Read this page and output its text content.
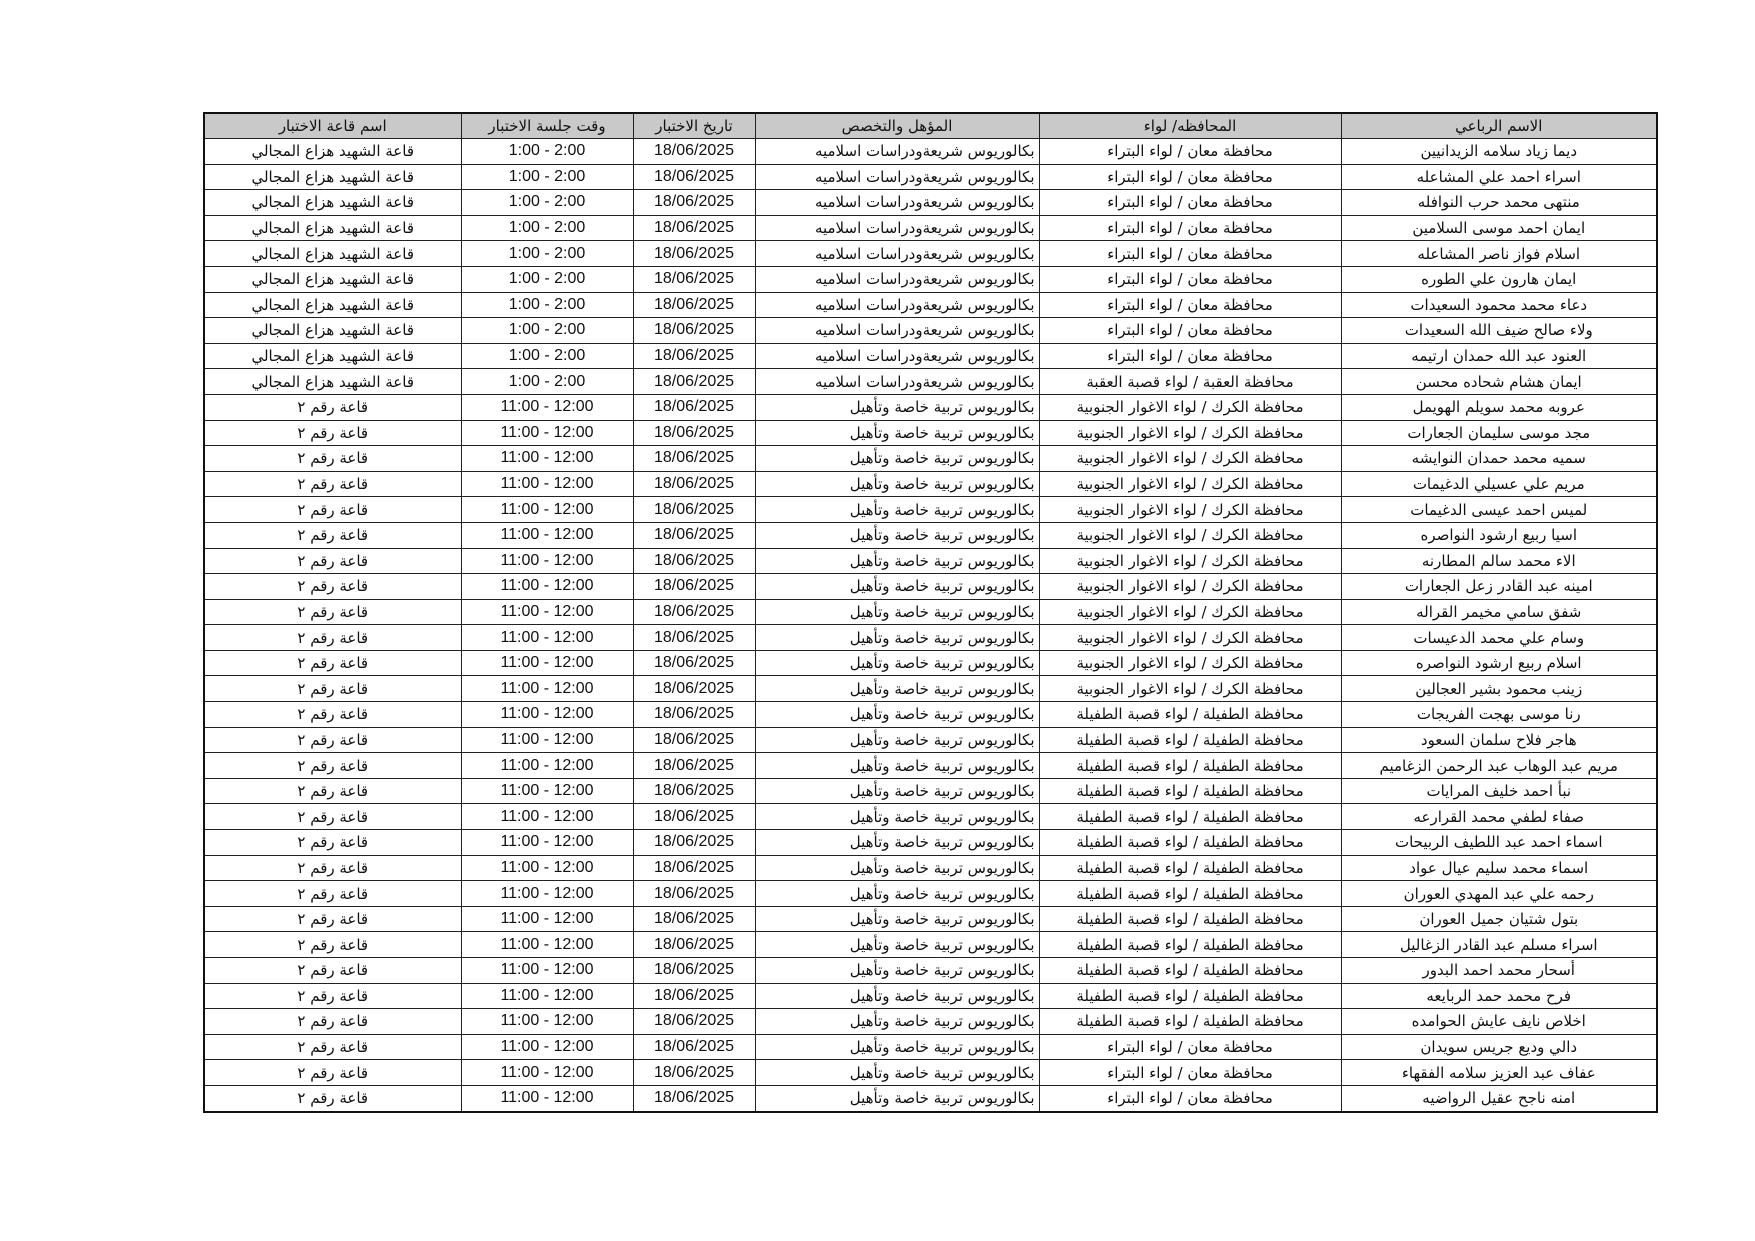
الاسم الرباعي	المحافظه/ لواء	المؤهل والتخصص	تاريخ الاختبار	وقت جلسة الاختبار	اسم قاعة الاختبار
ديما زياد سلامه الزيدانيين	محافظة معان / لواء البتراء	بكالوريوس شريعةودراسات اسلاميه	18/06/2025	1:00 - 2:00	قاعة الشهيد هزاع المجالي
اسراء احمد علي المشاعله	محافظة معان / لواء البتراء	بكالوريوس شريعةودراسات اسلاميه	18/06/2025	1:00 - 2:00	قاعة الشهيد هزاع المجالي
منتهى محمد حرب النوافله	محافظة معان / لواء البتراء	بكالوريوس شريعةودراسات اسلاميه	18/06/2025	1:00 - 2:00	قاعة الشهيد هزاع المجالي
ايمان احمد موسى السلامين	محافظة معان / لواء البتراء	بكالوريوس شريعةودراسات اسلاميه	18/06/2025	1:00 - 2:00	قاعة الشهيد هزاع المجالي
اسلام فواز ناصر المشاعله	محافظة معان / لواء البتراء	بكالوريوس شريعةودراسات اسلاميه	18/06/2025	1:00 - 2:00	قاعة الشهيد هزاع المجالي
ايمان هارون علي الطوره	محافظة معان / لواء البتراء	بكالوريوس شريعةودراسات اسلاميه	18/06/2025	1:00 - 2:00	قاعة الشهيد هزاع المجالي
دعاء محمد محمود السعيدات	محافظة معان / لواء البتراء	بكالوريوس شريعةودراسات اسلاميه	18/06/2025	1:00 - 2:00	قاعة الشهيد هزاع المجالي
ولاء صالح ضيف الله السعيدات	محافظة معان / لواء البتراء	بكالوريوس شريعةودراسات اسلاميه	18/06/2025	1:00 - 2:00	قاعة الشهيد هزاع المجالي
العنود عبد الله حمدان ارتيمه	محافظة معان / لواء البتراء	بكالوريوس شريعةودراسات اسلاميه	18/06/2025	1:00 - 2:00	قاعة الشهيد هزاع المجالي
ايمان هشام شحاده محسن	محافظة العقبة / لواء قصبة العقبة	بكالوريوس شريعةودراسات اسلاميه	18/06/2025	1:00 - 2:00	قاعة الشهيد هزاع المجالي
عروبه محمد سويلم الهويمل	محافظة الكرك / لواء الاغوار الجنوبية	بكالوريوس تربية خاصة وتأهيل	18/06/2025	11:00 - 12:00	قاعة رقم ٢
مجد موسى سليمان الجعارات	محافظة الكرك / لواء الاغوار الجنوبية	بكالوريوس تربية خاصة وتأهيل	18/06/2025	11:00 - 12:00	قاعة رقم ٢
سميه محمد حمدان النوايشه	محافظة الكرك / لواء الاغوار الجنوبية	بكالوريوس تربية خاصة وتأهيل	18/06/2025	11:00 - 12:00	قاعة رقم ٢
مريم علي عسيلي الدغيمات	محافظة الكرك / لواء الاغوار الجنوبية	بكالوريوس تربية خاصة وتأهيل	18/06/2025	11:00 - 12:00	قاعة رقم ٢
لميس احمد عيسى الدغيمات	محافظة الكرك / لواء الاغوار الجنوبية	بكالوريوس تربية خاصة وتأهيل	18/06/2025	11:00 - 12:00	قاعة رقم ٢
اسيا ربيع ارشود النواصره	محافظة الكرك / لواء الاغوار الجنوبية	بكالوريوس تربية خاصة وتأهيل	18/06/2025	11:00 - 12:00	قاعة رقم ٢
الاء محمد سالم المطارنه	محافظة الكرك / لواء الاغوار الجنوبية	بكالوريوس تربية خاصة وتأهيل	18/06/2025	11:00 - 12:00	قاعة رقم ٢
امينه عبد القادر زعل الجعارات	محافظة الكرك / لواء الاغوار الجنوبية	بكالوريوس تربية خاصة وتأهيل	18/06/2025	11:00 - 12:00	قاعة رقم ٢
شفق سامي مخيمر القراله	محافظة الكرك / لواء الاغوار الجنوبية	بكالوريوس تربية خاصة وتأهيل	18/06/2025	11:00 - 12:00	قاعة رقم ٢
وسام علي محمد الدعيسات	محافظة الكرك / لواء الاغوار الجنوبية	بكالوريوس تربية خاصة وتأهيل	18/06/2025	11:00 - 12:00	قاعة رقم ٢
اسلام ربيع ارشود النواصره	محافظة الكرك / لواء الاغوار الجنوبية	بكالوريوس تربية خاصة وتأهيل	18/06/2025	11:00 - 12:00	قاعة رقم ٢
زينب محمود بشير العجالين	محافظة الكرك / لواء الاغوار الجنوبية	بكالوريوس تربية خاصة وتأهيل	18/06/2025	11:00 - 12:00	قاعة رقم ٢
رنا موسى بهجت الفريجات	محافظة الطفيلة / لواء قصبة الطفيلة	بكالوريوس تربية خاصة وتأهيل	18/06/2025	11:00 - 12:00	قاعة رقم ٢
هاجر فلاح سلمان السعود	محافظة الطفيلة / لواء قصبة الطفيلة	بكالوريوس تربية خاصة وتأهيل	18/06/2025	11:00 - 12:00	قاعة رقم ٢
مريم عبد الوهاب عبد الرحمن الزغاميم	محافظة الطفيلة / لواء قصبة الطفيلة	بكالوريوس تربية خاصة وتأهيل	18/06/2025	11:00 - 12:00	قاعة رقم ٢
نبأ احمد خليف المرايات	محافظة الطفيلة / لواء قصبة الطفيلة	بكالوريوس تربية خاصة وتأهيل	18/06/2025	11:00 - 12:00	قاعة رقم ٢
صفاء لطفي محمد القرارعه	محافظة الطفيلة / لواء قصبة الطفيلة	بكالوريوس تربية خاصة وتأهيل	18/06/2025	11:00 - 12:00	قاعة رقم ٢
اسماء احمد عبد اللطيف الربيحات	محافظة الطفيلة / لواء قصبة الطفيلة	بكالوريوس تربية خاصة وتأهيل	18/06/2025	11:00 - 12:00	قاعة رقم ٢
اسماء محمد سليم عيال عواد	محافظة الطفيلة / لواء قصبة الطفيلة	بكالوريوس تربية خاصة وتأهيل	18/06/2025	11:00 - 12:00	قاعة رقم ٢
رحمه علي عبد المهدي العوران	محافظة الطفيلة / لواء قصبة الطفيلة	بكالوريوس تربية خاصة وتأهيل	18/06/2025	11:00 - 12:00	قاعة رقم ٢
بتول شتيان جميل العوران	محافظة الطفيلة / لواء قصبة الطفيلة	بكالوريوس تربية خاصة وتأهيل	18/06/2025	11:00 - 12:00	قاعة رقم ٢
اسراء مسلم عبد القادر الزغاليل	محافظة الطفيلة / لواء قصبة الطفيلة	بكالوريوس تربية خاصة وتأهيل	18/06/2025	11:00 - 12:00	قاعة رقم ٢
أسحار محمد احمد البدور	محافظة الطفيلة / لواء قصبة الطفيلة	بكالوريوس تربية خاصة وتأهيل	18/06/2025	11:00 - 12:00	قاعة رقم ٢
فرح محمد حمد الربايعه	محافظة الطفيلة / لواء قصبة الطفيلة	بكالوريوس تربية خاصة وتأهيل	18/06/2025	11:00 - 12:00	قاعة رقم ٢
اخلاص نايف عايش الحوامده	محافظة الطفيلة / لواء قصبة الطفيلة	بكالوريوس تربية خاصة وتأهيل	18/06/2025	11:00 - 12:00	قاعة رقم ٢
دالي وديع جريس سويدان	محافظة معان / لواء البتراء	بكالوريوس تربية خاصة وتأهيل	18/06/2025	11:00 - 12:00	قاعة رقم ٢
عفاف عبد العزيز سلامه الفقهاء	محافظة معان / لواء البتراء	بكالوريوس تربية خاصة وتأهيل	18/06/2025	11:00 - 12:00	قاعة رقم ٢
امنه ناجح عقيل الرواضيه	محافظة معان / لواء البتراء	بكالوريوس تربية خاصة وتأهيل	18/06/2025	11:00 - 12:00	قاعة رقم ٢
